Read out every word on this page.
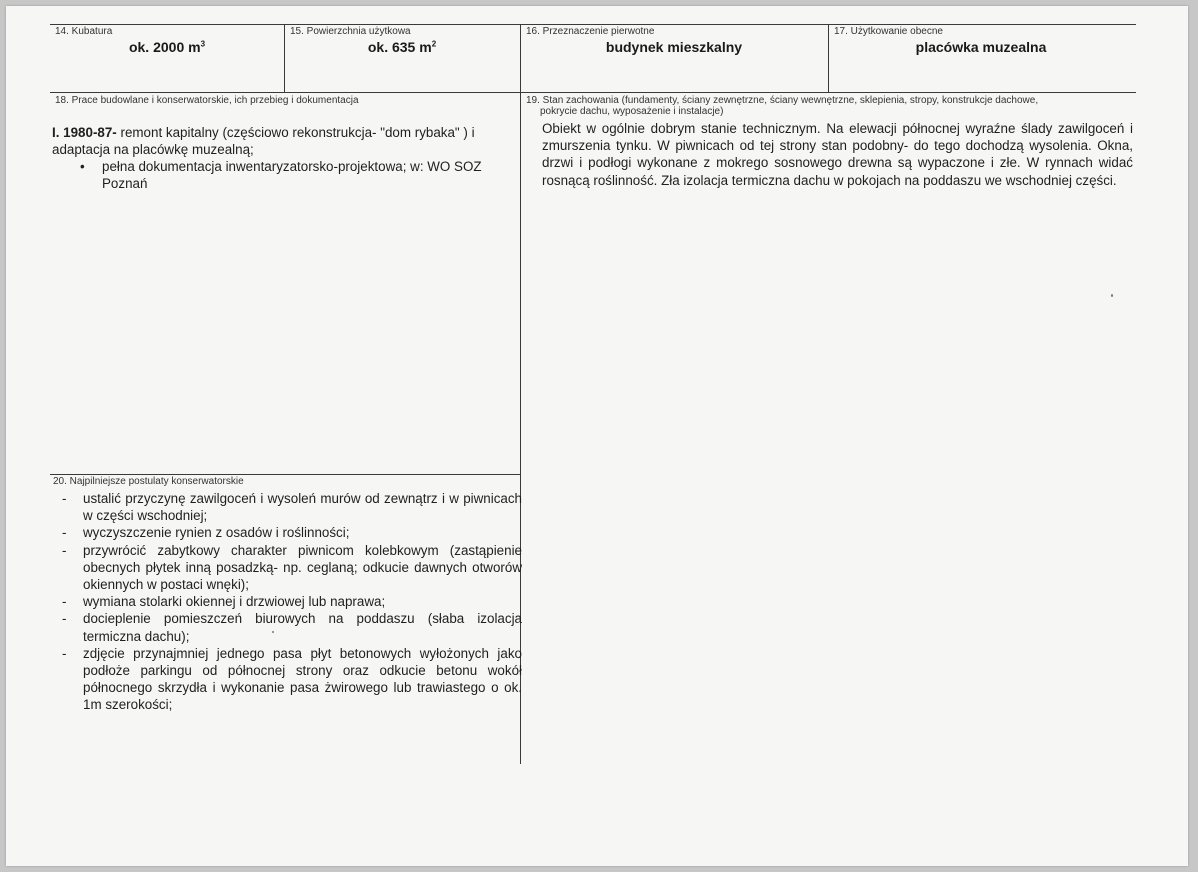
14. Kubatura
ok. 2000 $m^3$
15. Powierzchnia użytkowa
ok. 635 $m^2$
16. Przeznaczenie pierwotne
budynek mieszkalny
17. Użytkowanie obecne
placówka muzealna
18. Prace budowlane i konserwatorskie, ich przebieg i dokumentacja
I. 1980-87- remont kapitalny (częściowo rekonstrukcja- "dom rybaka" ) i
adaptacja na placówkę muzealną;
• pełna dokumentacja inwentaryzatorsko-projektowa; w: WO SOZ
Poznań
19. Stan zachowania (fundamenty, ściany zewnętrzne, ściany wewnętrzne, sklepienia, stropy, konstrukcje dachowe,
pokrycie dachu, wyposażenie i instalacje)
Obiekt w ogólnie dobrym stanie technicznym. Na elewacji północnej wyraźne ślady zawilgoceń i zmurszenia tynku. W piwnicach od tej strony stan podobny- do tego dochodzą wysolenia. Okna, drzwi i podłogi wykonane z mokrego sosnowego drewna są wypaczone i złe. W rynnach widać rosnącą roślinność. Zła izolacja termiczna dachu w pokojach na poddaszu we wschodniej części.
20. Najpilniejsze postulaty konserwatorskie
- ustalić przyczynę zawilgoceń i wysoleń murów od zewnątrz i w piwnicach w części wschodniej;
- wyczyszczenie rynien z osadów i roślinności;
- przywrócić zabytkowy charakter piwnicom kolebkowym (zastąpienie obecnych płytek inną posadzką- np. ceglaną; odkucie dawnych otworów okiennych w postaci wnęki);
- wymiana stolarki okiennej i drzwiowej lub naprawa;
- docieplenie pomieszczeń biurowych na poddaszu (słaba izolacja termiczna dachu);
- zdjęcie przynajmniej jednego pasa płyt betonowych wyłożonych jako podłoże parkingu od północnej strony oraz odkucie betonu wokół północnego skrzydła i wykonanie pasa żwirowego lub trawiastego o ok. 1m szerokości;
